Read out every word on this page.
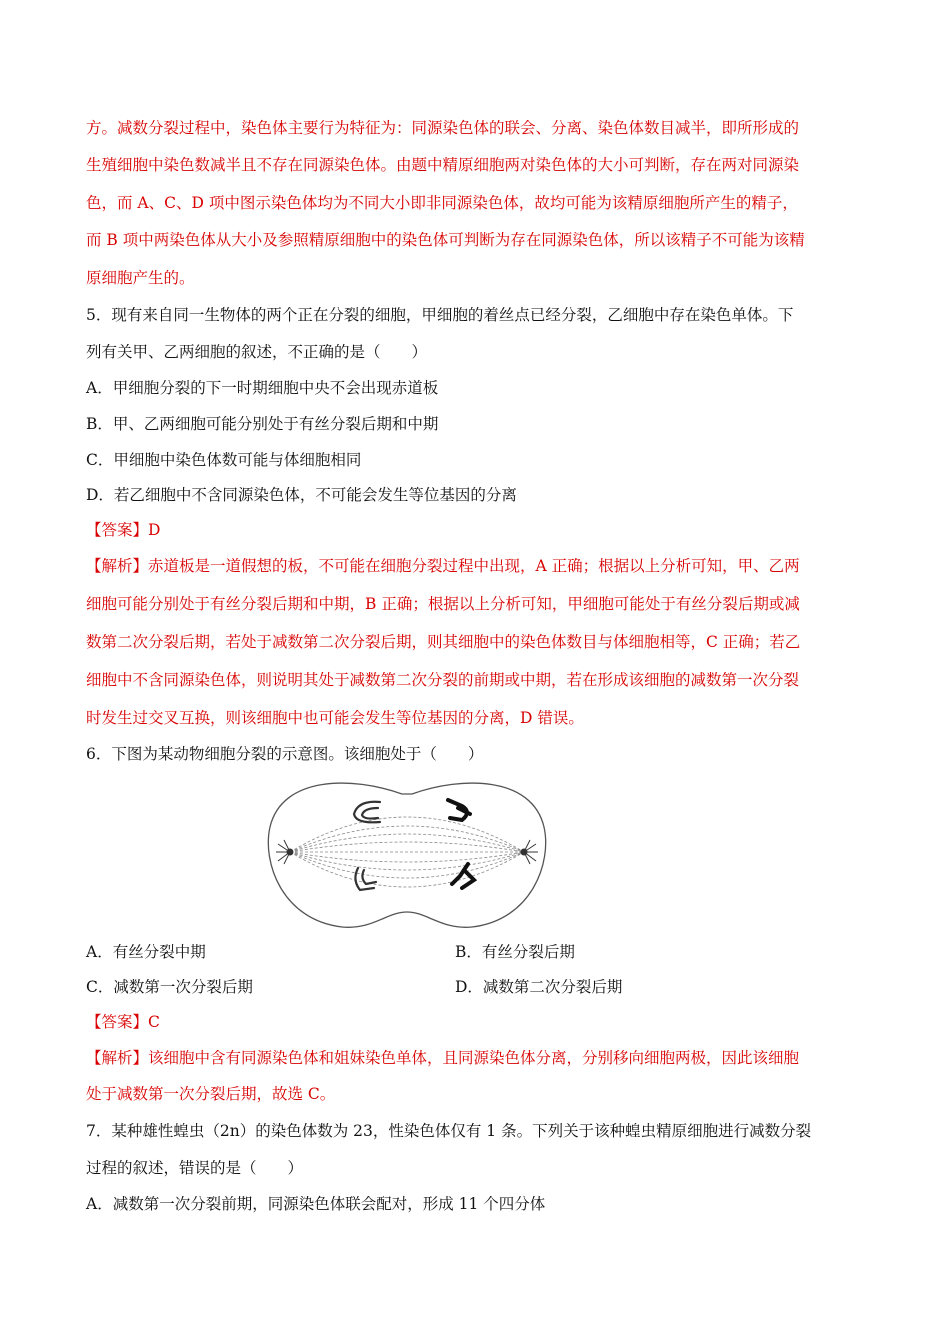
方。减数分裂过程中，染色体主要行为特征为：同源染色体的联会、分离、染色体数目减半，即所形成的
生殖细胞中染色数减半且不存在同源染色体。由题中精原细胞两对染色体的大小可判断，存在两对同源染
色，而 A、C、D 项中图示染色体均为不同大小即非同源染色体，故均可能为该精原细胞所产生的精子，
而 B 项中两染色体从大小及参照精原细胞中的染色体可判断为存在同源染色体，所以该精子不可能为该精
原细胞产生的。
5．现有来自同一生物体的两个正在分裂的细胞，甲细胞的着丝点已经分裂，乙细胞中存在染色单体。下
列有关甲、乙两细胞的叙述，不正确的是（　　）
A．甲细胞分裂的下一时期细胞中央不会出现赤道板
B．甲、乙两细胞可能分别处于有丝分裂后期和中期
C．甲细胞中染色体数可能与体细胞相同
D．若乙细胞中不含同源染色体，不可能会发生等位基因的分离
【答案】D
【解析】赤道板是一道假想的板，不可能在细胞分裂过程中出现，A 正确；根据以上分析可知，甲、乙两
细胞可能分别处于有丝分裂后期和中期，B 正确；根据以上分析可知，甲细胞可能处于有丝分裂后期或减
数第二次分裂后期，若处于减数第二次分裂后期，则其细胞中的染色体数目与体细胞相等，C 正确；若乙
细胞中不含同源染色体，则说明其处于减数第二次分裂的前期或中期，若在形成该细胞的减数第一次分裂
时发生过交叉互换，则该细胞中也可能会发生等位基因的分离，D 错误。
6．下图为某动物细胞分裂的示意图。该细胞处于（　　）
A．有丝分裂中期	B．有丝分裂后期
C．减数第一次分裂后期	D．减数第二次分裂后期
【答案】C
【解析】该细胞中含有同源染色体和姐妹染色单体，且同源染色体分离，分别移向细胞两极，因此该细胞
处于减数第一次分裂后期，故选 C。
7．某种雄性蝗虫（2n）的染色体数为 23，性染色体仅有 1 条。下列关于该种蝗虫精原细胞进行减数分裂
过程的叙述，错误的是（　　）
A．减数第一次分裂前期，同源染色体联会配对，形成 11 个四分体
